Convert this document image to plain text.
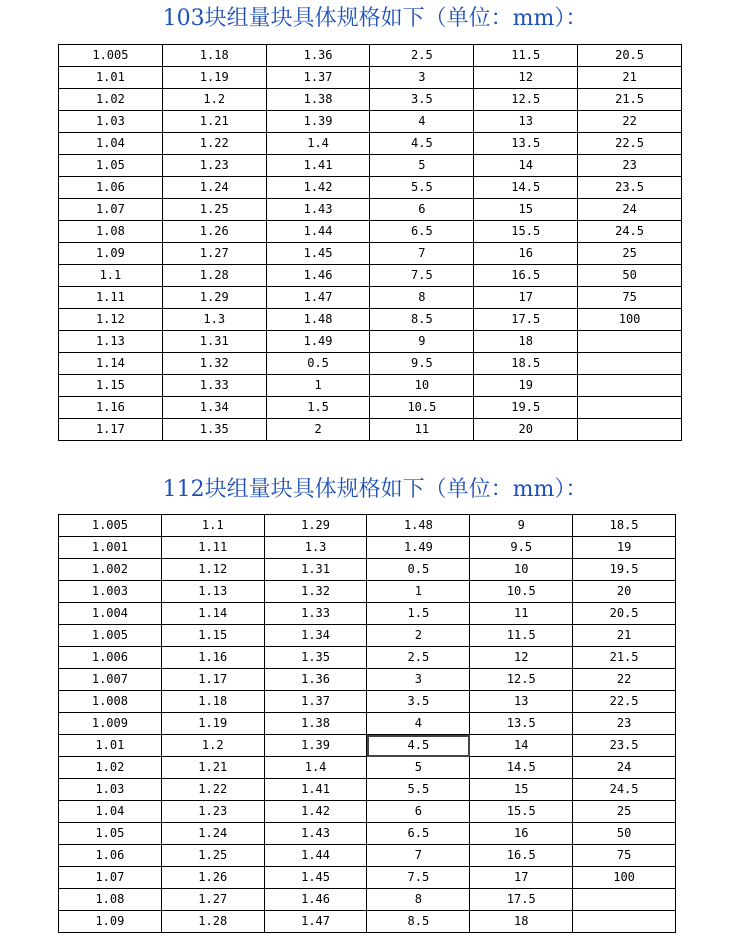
103块组量块具体规格如下（单位：mm）：
1.005	1.18	1.36	2.5	11.5	20.5
1.01	1.19	1.37	3	12	21
1.02	1.2	1.38	3.5	12.5	21.5
1.03	1.21	1.39	4	13	22
1.04	1.22	1.4	4.5	13.5	22.5
1.05	1.23	1.41	5	14	23
1.06	1.24	1.42	5.5	14.5	23.5
1.07	1.25	1.43	6	15	24
1.08	1.26	1.44	6.5	15.5	24.5
1.09	1.27	1.45	7	16	25
1.1	1.28	1.46	7.5	16.5	50
1.11	1.29	1.47	8	17	75
1.12	1.3	1.48	8.5	17.5	100
1.13	1.31	1.49	9	18	
1.14	1.32	0.5	9.5	18.5	
1.15	1.33	1	10	19	
1.16	1.34	1.5	10.5	19.5	
1.17	1.35	2	11	20	
112块组量块具体规格如下（单位：mm）：
1.005	1.1	1.29	1.48	9	18.5
1.001	1.11	1.3	1.49	9.5	19
1.002	1.12	1.31	0.5	10	19.5
1.003	1.13	1.32	1	10.5	20
1.004	1.14	1.33	1.5	11	20.5
1.005	1.15	1.34	2	11.5	21
1.006	1.16	1.35	2.5	12	21.5
1.007	1.17	1.36	3	12.5	22
1.008	1.18	1.37	3.5	13	22.5
1.009	1.19	1.38	4	13.5	23
1.01	1.2	1.39	4.5	14	23.5
1.02	1.21	1.4	5	14.5	24
1.03	1.22	1.41	5.5	15	24.5
1.04	1.23	1.42	6	15.5	25
1.05	1.24	1.43	6.5	16	50
1.06	1.25	1.44	7	16.5	75
1.07	1.26	1.45	7.5	17	100
1.08	1.27	1.46	8	17.5	
1.09	1.28	1.47	8.5	18	
